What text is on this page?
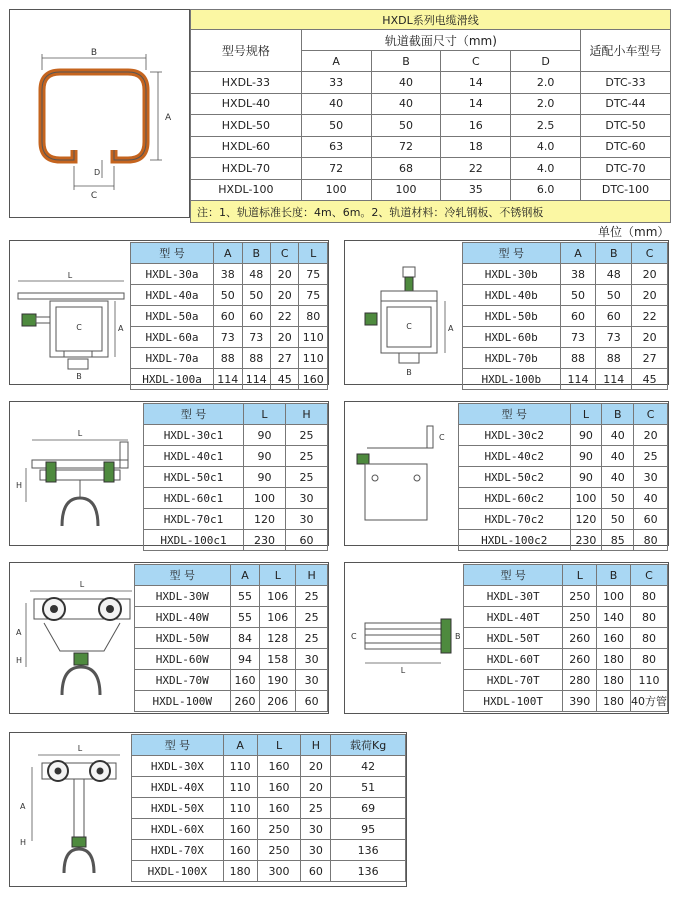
B
A
C
D
HXDL系列电缆滑线					
型号规格	轨道截面尺寸（mm)				适配小车型号
	A	B	C	D	
HXDL-33	33	40	14	2.0	DTC-33
HXDL-40	40	40	14	2.0	DTC-44
HXDL-50	50	50	16	2.5	DTC-50
HXDL-60	63	72	18	4.0	DTC-60
HXDL-70	72	68	22	4.0	DTC-70
HXDL-100	100	100	35	6.0	DTC-100
注：1、轨道标准长度：4m、6m。2、轨道材料：冷轧钢板、不锈钢板					
单位（mm）
L
A
C
B
型 号	A	B	C	L
HXDL-30a	38	48	20	75
HXDL-40a	50	50	20	75
HXDL-50a	60	60	22	80
HXDL-60a	73	73	20	110
HXDL-70a	88	88	27	110
HXDL-100a	114	114	45	160
A
C
B
型 号	A	B	C
HXDL-30b	38	48	20
HXDL-40b	50	50	20
HXDL-50b	60	60	22
HXDL-60b	73	73	20
HXDL-70b	88	88	27
HXDL-100b	114	114	45
L
H
型 号	L	H
HXDL-30c1	90	25
HXDL-40c1	90	25
HXDL-50c1	90	25
HXDL-60c1	100	30
HXDL-70c1	120	30
HXDL-100c1	230	60
C
型 号	L	B	C
HXDL-30c2	90	40	20
HXDL-40c2	90	40	25
HXDL-50c2	90	40	30
HXDL-60c2	100	50	40
HXDL-70c2	120	50	60
HXDL-100c2	230	85	80
L
A
H
型 号	A	L	H
HXDL-30W	55	106	25
HXDL-40W	55	106	25
HXDL-50W	84	128	25
HXDL-60W	94	158	30
HXDL-70W	160	190	30
HXDL-100W	260	206	60
C	B
L
型 号	L	B	C
HXDL-30T	250	100	80
HXDL-40T	250	140	80
HXDL-50T	260	160	80
HXDL-60T	260	180	80
HXDL-70T	280	180	110
HXDL-100T	390	180	40方管
L
A
H
型 号	A	L	H	载荷Kg
HXDL-30X	110	160	20	42
HXDL-40X	110	160	20	51
HXDL-50X	110	160	25	69
HXDL-60X	160	250	30	95
HXDL-70X	160	250	30	136
HXDL-100X	180	300	60	136
